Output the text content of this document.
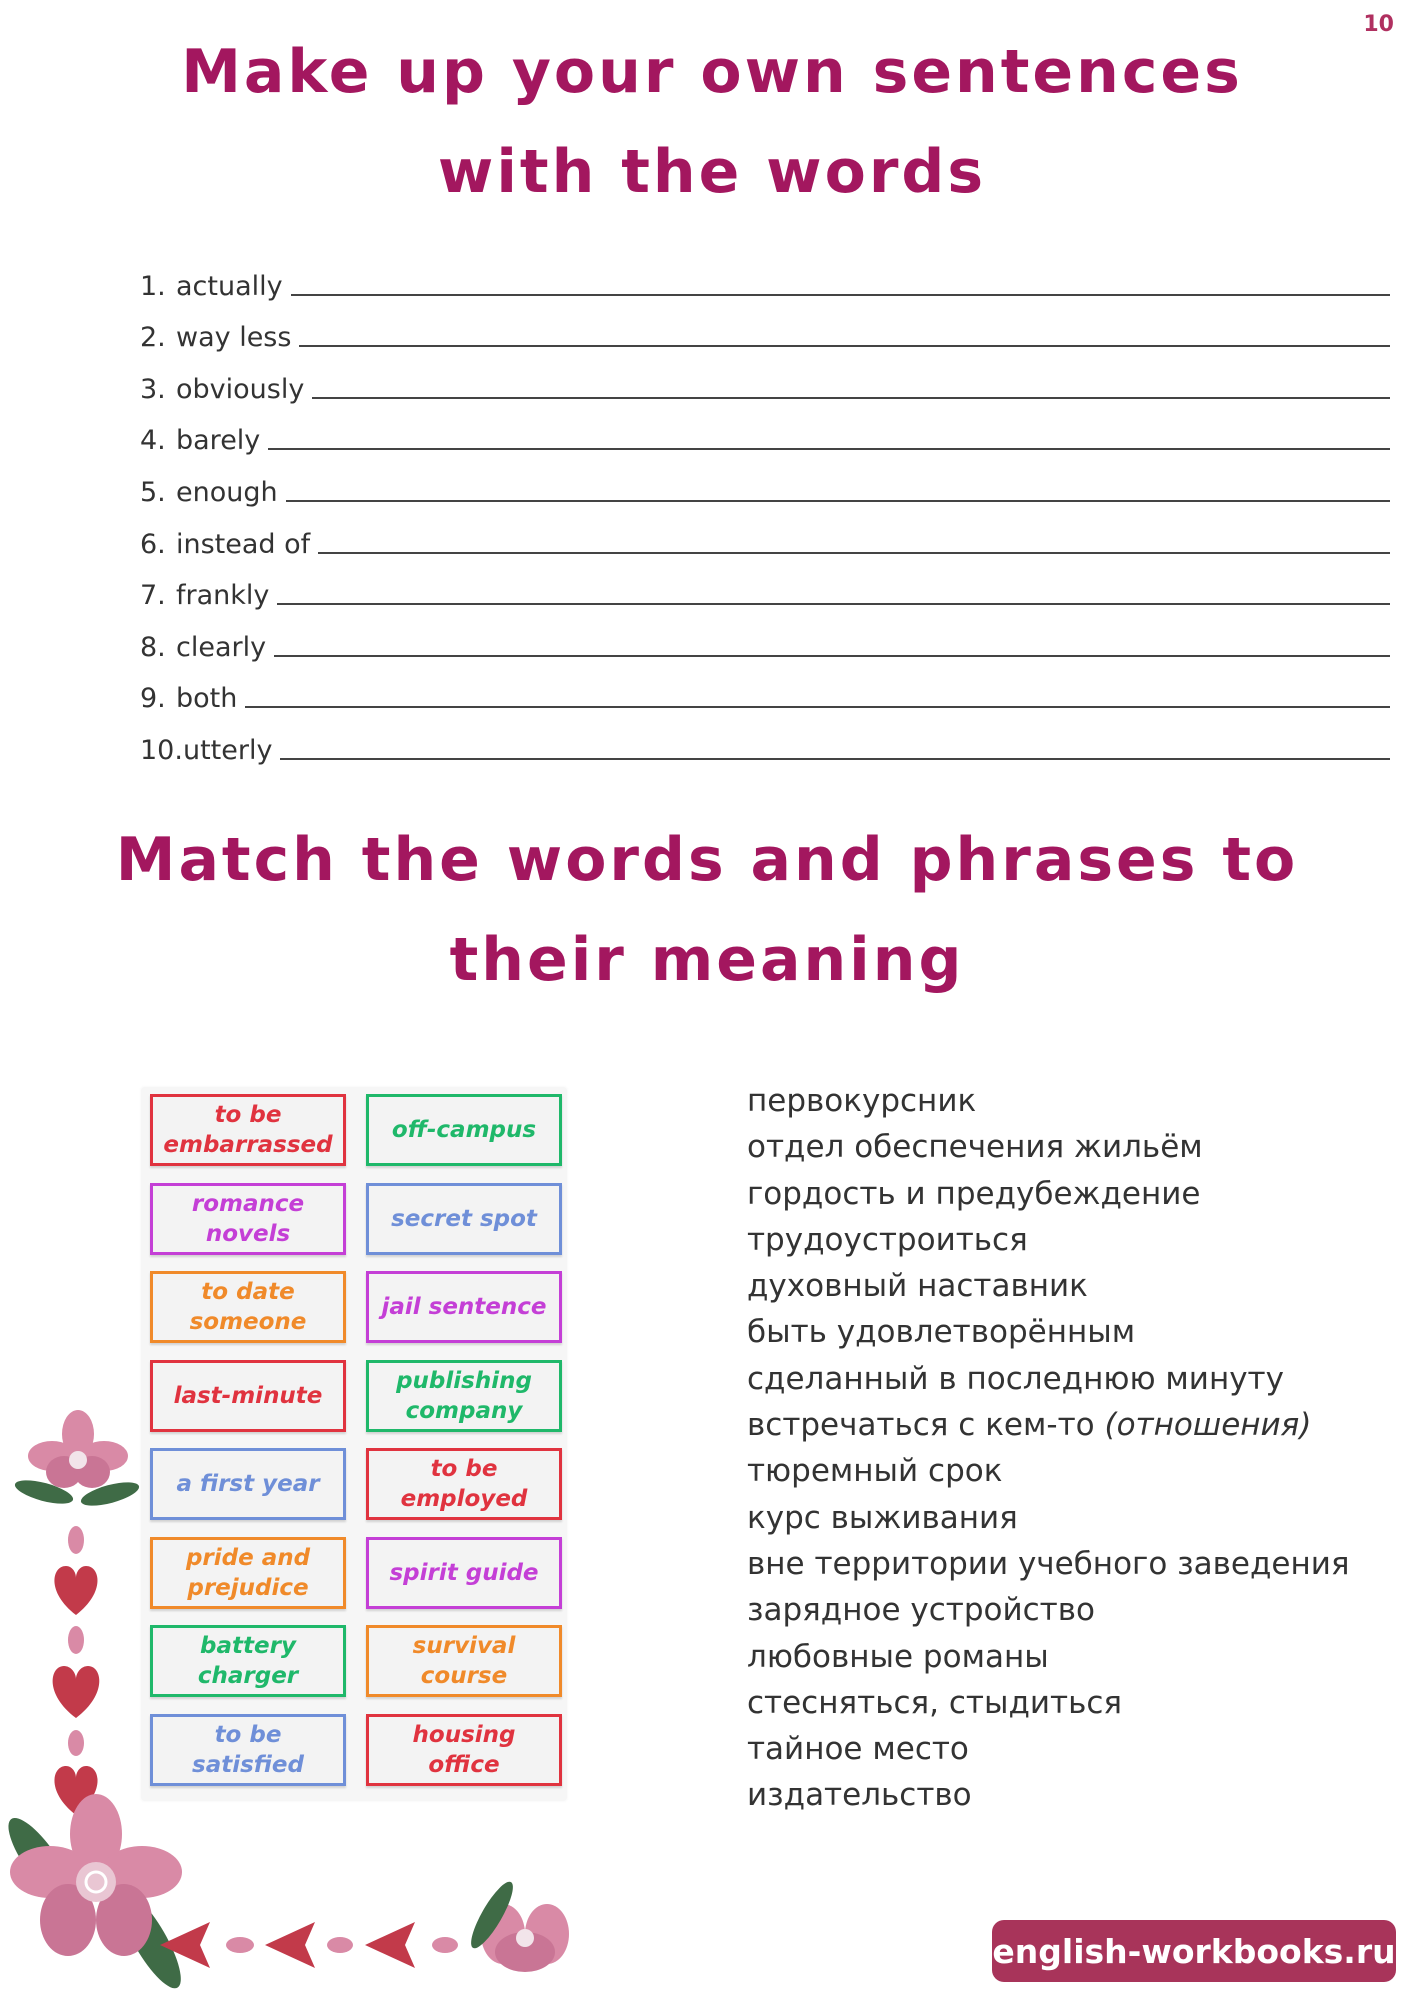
10
Make up your own sentences with the words
1. actually
2. way less
3. obviously
4. barely
5. enough
6. instead of
7. frankly
8. clearly
9. both
10. utterly
Match the words and phrases to their meaning
to be embarrassed
off-campus
romance novels
secret spot
to date someone
jail sentence
last-minute
publishing company
a first year
to be employed
pride and prejudice
spirit guide
battery charger
survival course
to be satisfied
housing office
первокурсник
отдел обеспечения жильём
гордость и предубеждение
трудоустроиться
духовный наставник
быть удовлетворённым
сделанный в последнюю минуту
встречаться с кем-то (отношения)
тюремный срок
курс выживания
вне территории учебного заведения
зарядное устройство
любовные романы
стесняться, стыдиться
тайное место
издательство
english-workbooks.ru
